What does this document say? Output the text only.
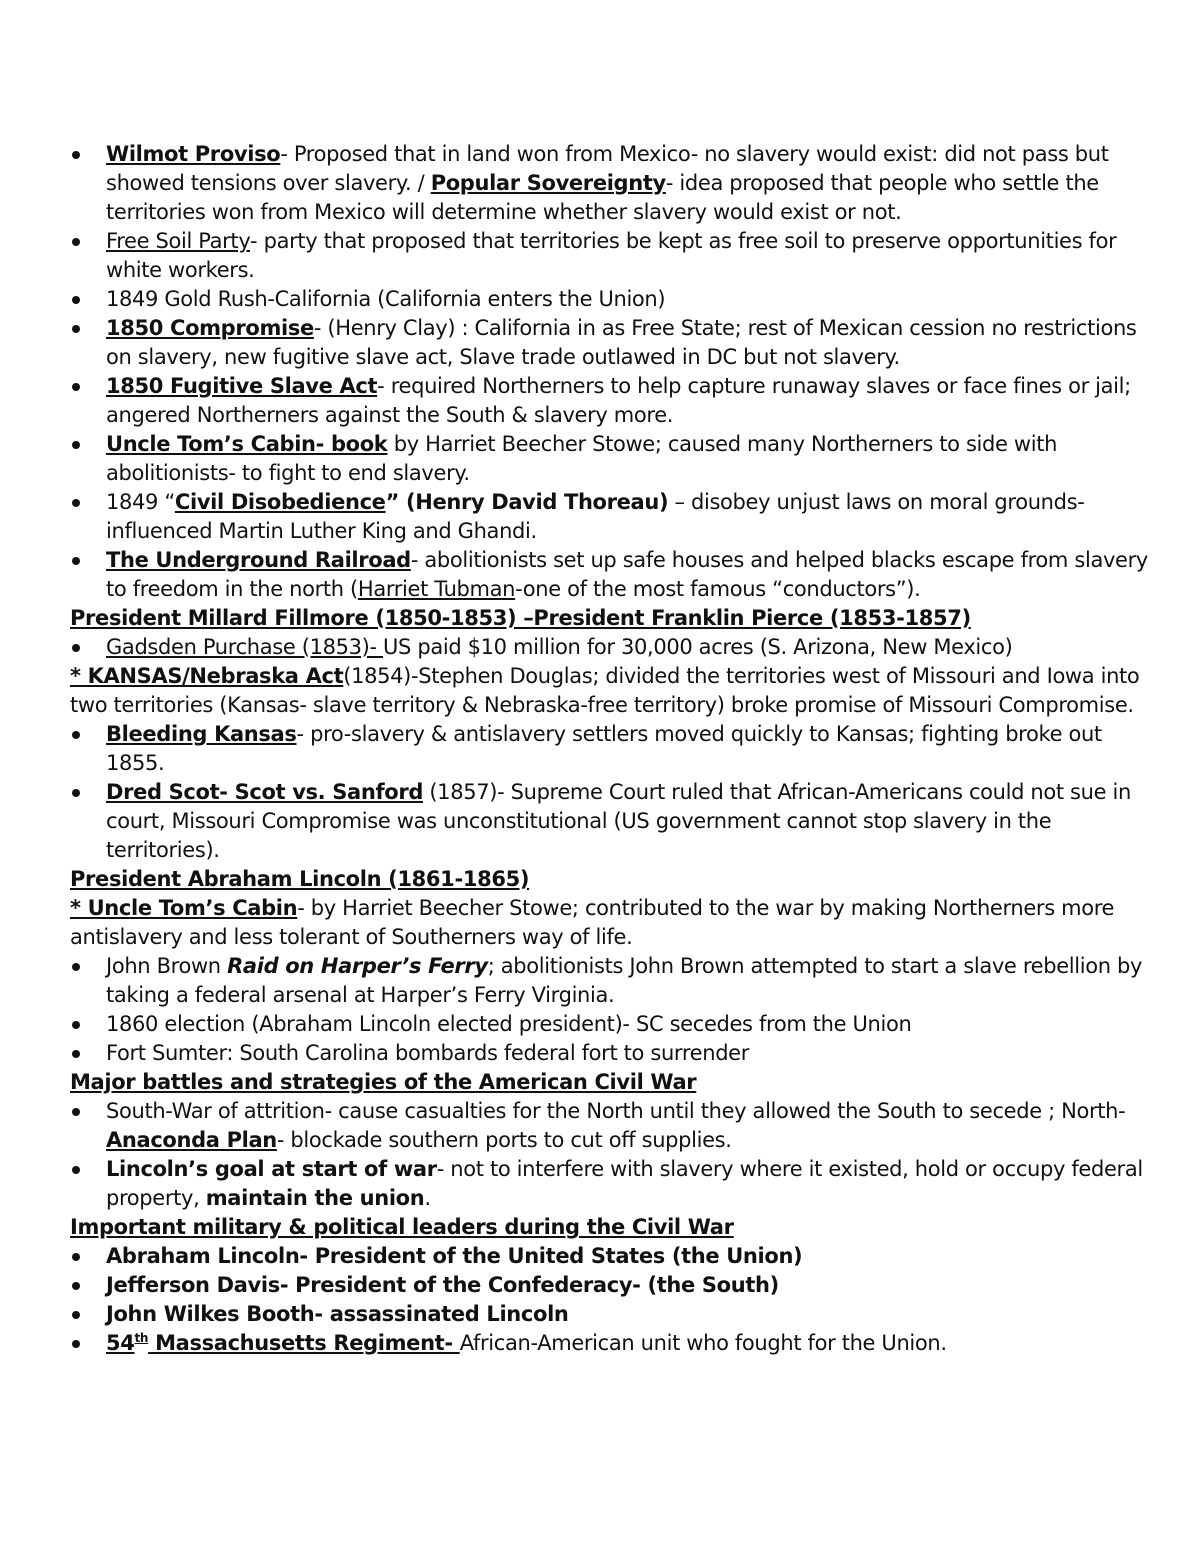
Wilmot Proviso- Proposed that in land won from Mexico- no slavery would exist: did not pass but showed tensions over slavery. / Popular Sovereignty- idea proposed that people who settle the territories won from Mexico will determine whether slavery would exist or not.
Free Soil Party- party that proposed that territories be kept as free soil to preserve opportunities for white workers.
1849 Gold Rush-California (California enters the Union)
1850 Compromise- (Henry Clay) : California in as Free State; rest of Mexican cession no restrictions on slavery, new fugitive slave act, Slave trade outlawed in DC but not slavery.
1850 Fugitive Slave Act- required Northerners to help capture runaway slaves or face fines or jail; angered Northerners against the South & slavery more.
Uncle Tom’s Cabin- book by Harriet Beecher Stowe; caused many Northerners to side with abolitionists- to fight to end slavery.
1849 “Civil Disobedience” (Henry David Thoreau) – disobey unjust laws on moral grounds- influenced Martin Luther King and Ghandi.
The Underground Railroad- abolitionists set up safe houses and helped blacks escape from slavery to freedom in the north (Harriet Tubman-one of the most famous “conductors”).
President Millard Fillmore (1850-1853) –President Franklin Pierce (1853-1857)
Gadsden Purchase (1853)- US paid $10 million for 30,000 acres (S. Arizona, New Mexico)
* KANSAS/Nebraska Act(1854)-Stephen Douglas; divided the territories west of Missouri and Iowa into two territories (Kansas- slave territory & Nebraska-free territory) broke promise of Missouri Compromise.
Bleeding Kansas- pro-slavery & antislavery settlers moved quickly to Kansas; fighting broke out 1855.
Dred Scot- Scot vs. Sanford (1857)- Supreme Court ruled that African-Americans could not sue in court, Missouri Compromise was unconstitutional (US government cannot stop slavery in the territories).
President Abraham Lincoln (1861-1865)
* Uncle Tom’s Cabin- by Harriet Beecher Stowe; contributed to the war by making Northerners more antislavery and less tolerant of Southerners way of life.
John Brown Raid on Harper’s Ferry; abolitionists John Brown attempted to start a slave rebellion by taking a federal arsenal at Harper’s Ferry Virginia.
1860 election (Abraham Lincoln elected president)- SC secedes from the Union
Fort Sumter: South Carolina bombards federal fort to surrender
Major battles and strategies of the American Civil War
South-War of attrition- cause casualties for the North until they allowed the South to secede ; North-Anaconda Plan- blockade southern ports to cut off supplies.
Lincoln’s goal at start of war- not to interfere with slavery where it existed, hold or occupy federal property, maintain the union.
Important military & political leaders during the Civil War
Abraham Lincoln- President of the United States (the Union)
Jefferson Davis- President of the Confederacy- (the South)
John Wilkes Booth- assassinated Lincoln
54th Massachusetts Regiment- African-American unit who fought for the Union.
